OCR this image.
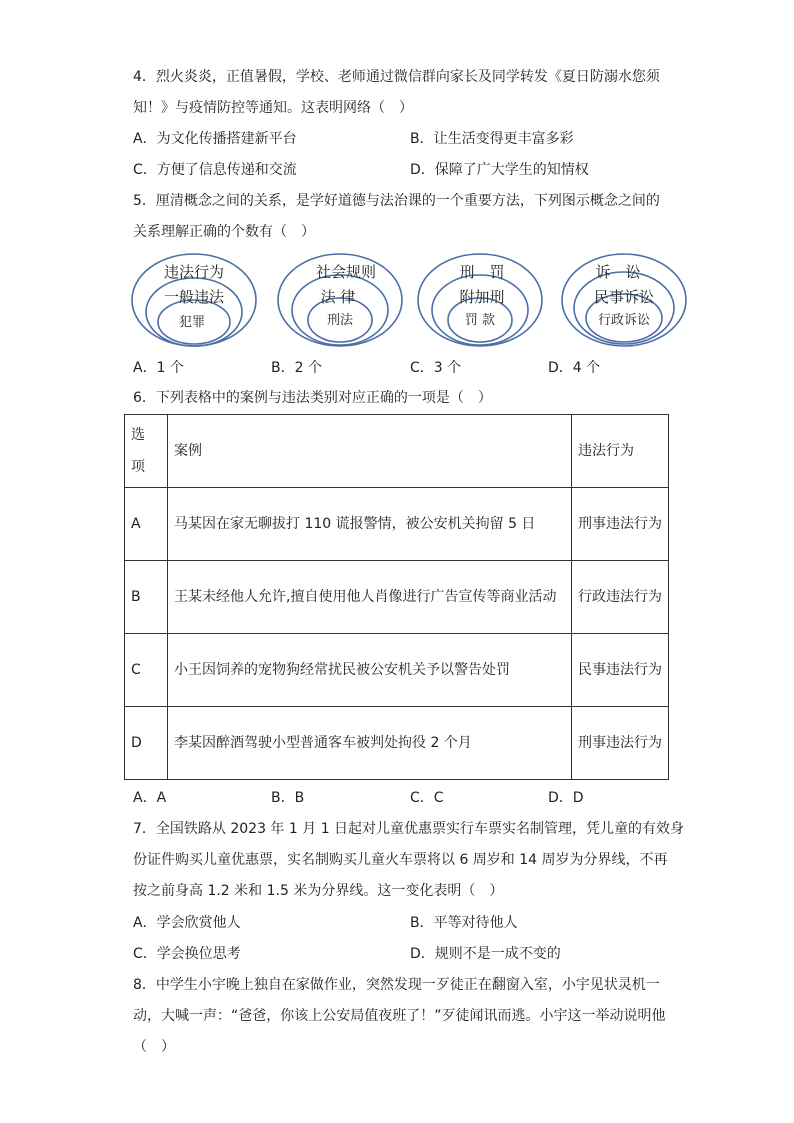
4．烈火炎炎，正值暑假，学校、老师通过微信群向家长及同学转发《夏日防溺水您须
知！》与疫情防控等通知。这表明网络（　）
A．为文化传播搭建新平台	B．让生活变得更丰富多彩
C．方便了信息传递和交流	D．保障了广大学生的知情权
5．厘清概念之间的关系，是学好道德与法治课的一个重要方法，下列图示概念之间的
关系理解正确的个数有（　）
违法行为
一般违法
犯罪
社会规则
法 律
刑法
刑　罚
附加刑
罚 款
诉　讼
民事诉讼
行政诉讼
A．1 个	B．2 个	C．3 个	D．4 个
6．下列表格中的案例与违法类别对应正确的一项是（　）
选项	案例	违法行为
A	马某因在家无聊拔打 110 谎报警情，被公安机关拘留 5 日	刑事违法行为
B	王某未经他人允许,擅自使用他人肖像进行广告宣传等商业活动	行政违法行为
C	小王因饲养的宠物狗经常扰民被公安机关予以警告处罚	民事违法行为
D	李某因醉酒驾驶小型普通客车被判处拘役 2 个月	刑事违法行为
A．A	B．B	C．C	D．D
7．全国铁路从 2023 年 1 月 1 日起对儿童优惠票实行车票实名制管理，凭儿童的有效身
份证件购买儿童优惠票，实名制购买儿童火车票将以 6 周岁和 14 周岁为分界线，不再
按之前身高 1.2 米和 1.5 米为分界线。这一变化表明（　）
A．学会欣赏他人	B．平等对待他人
C．学会换位思考	D．规则不是一成不变的
8．中学生小宇晚上独自在家做作业，突然发现一歹徒正在翻窗入室，小宇见状灵机一
动，大喊一声：“爸爸，你该上公安局值夜班了！”歹徒闻讯而逃。小宇这一举动说明他
（　）
